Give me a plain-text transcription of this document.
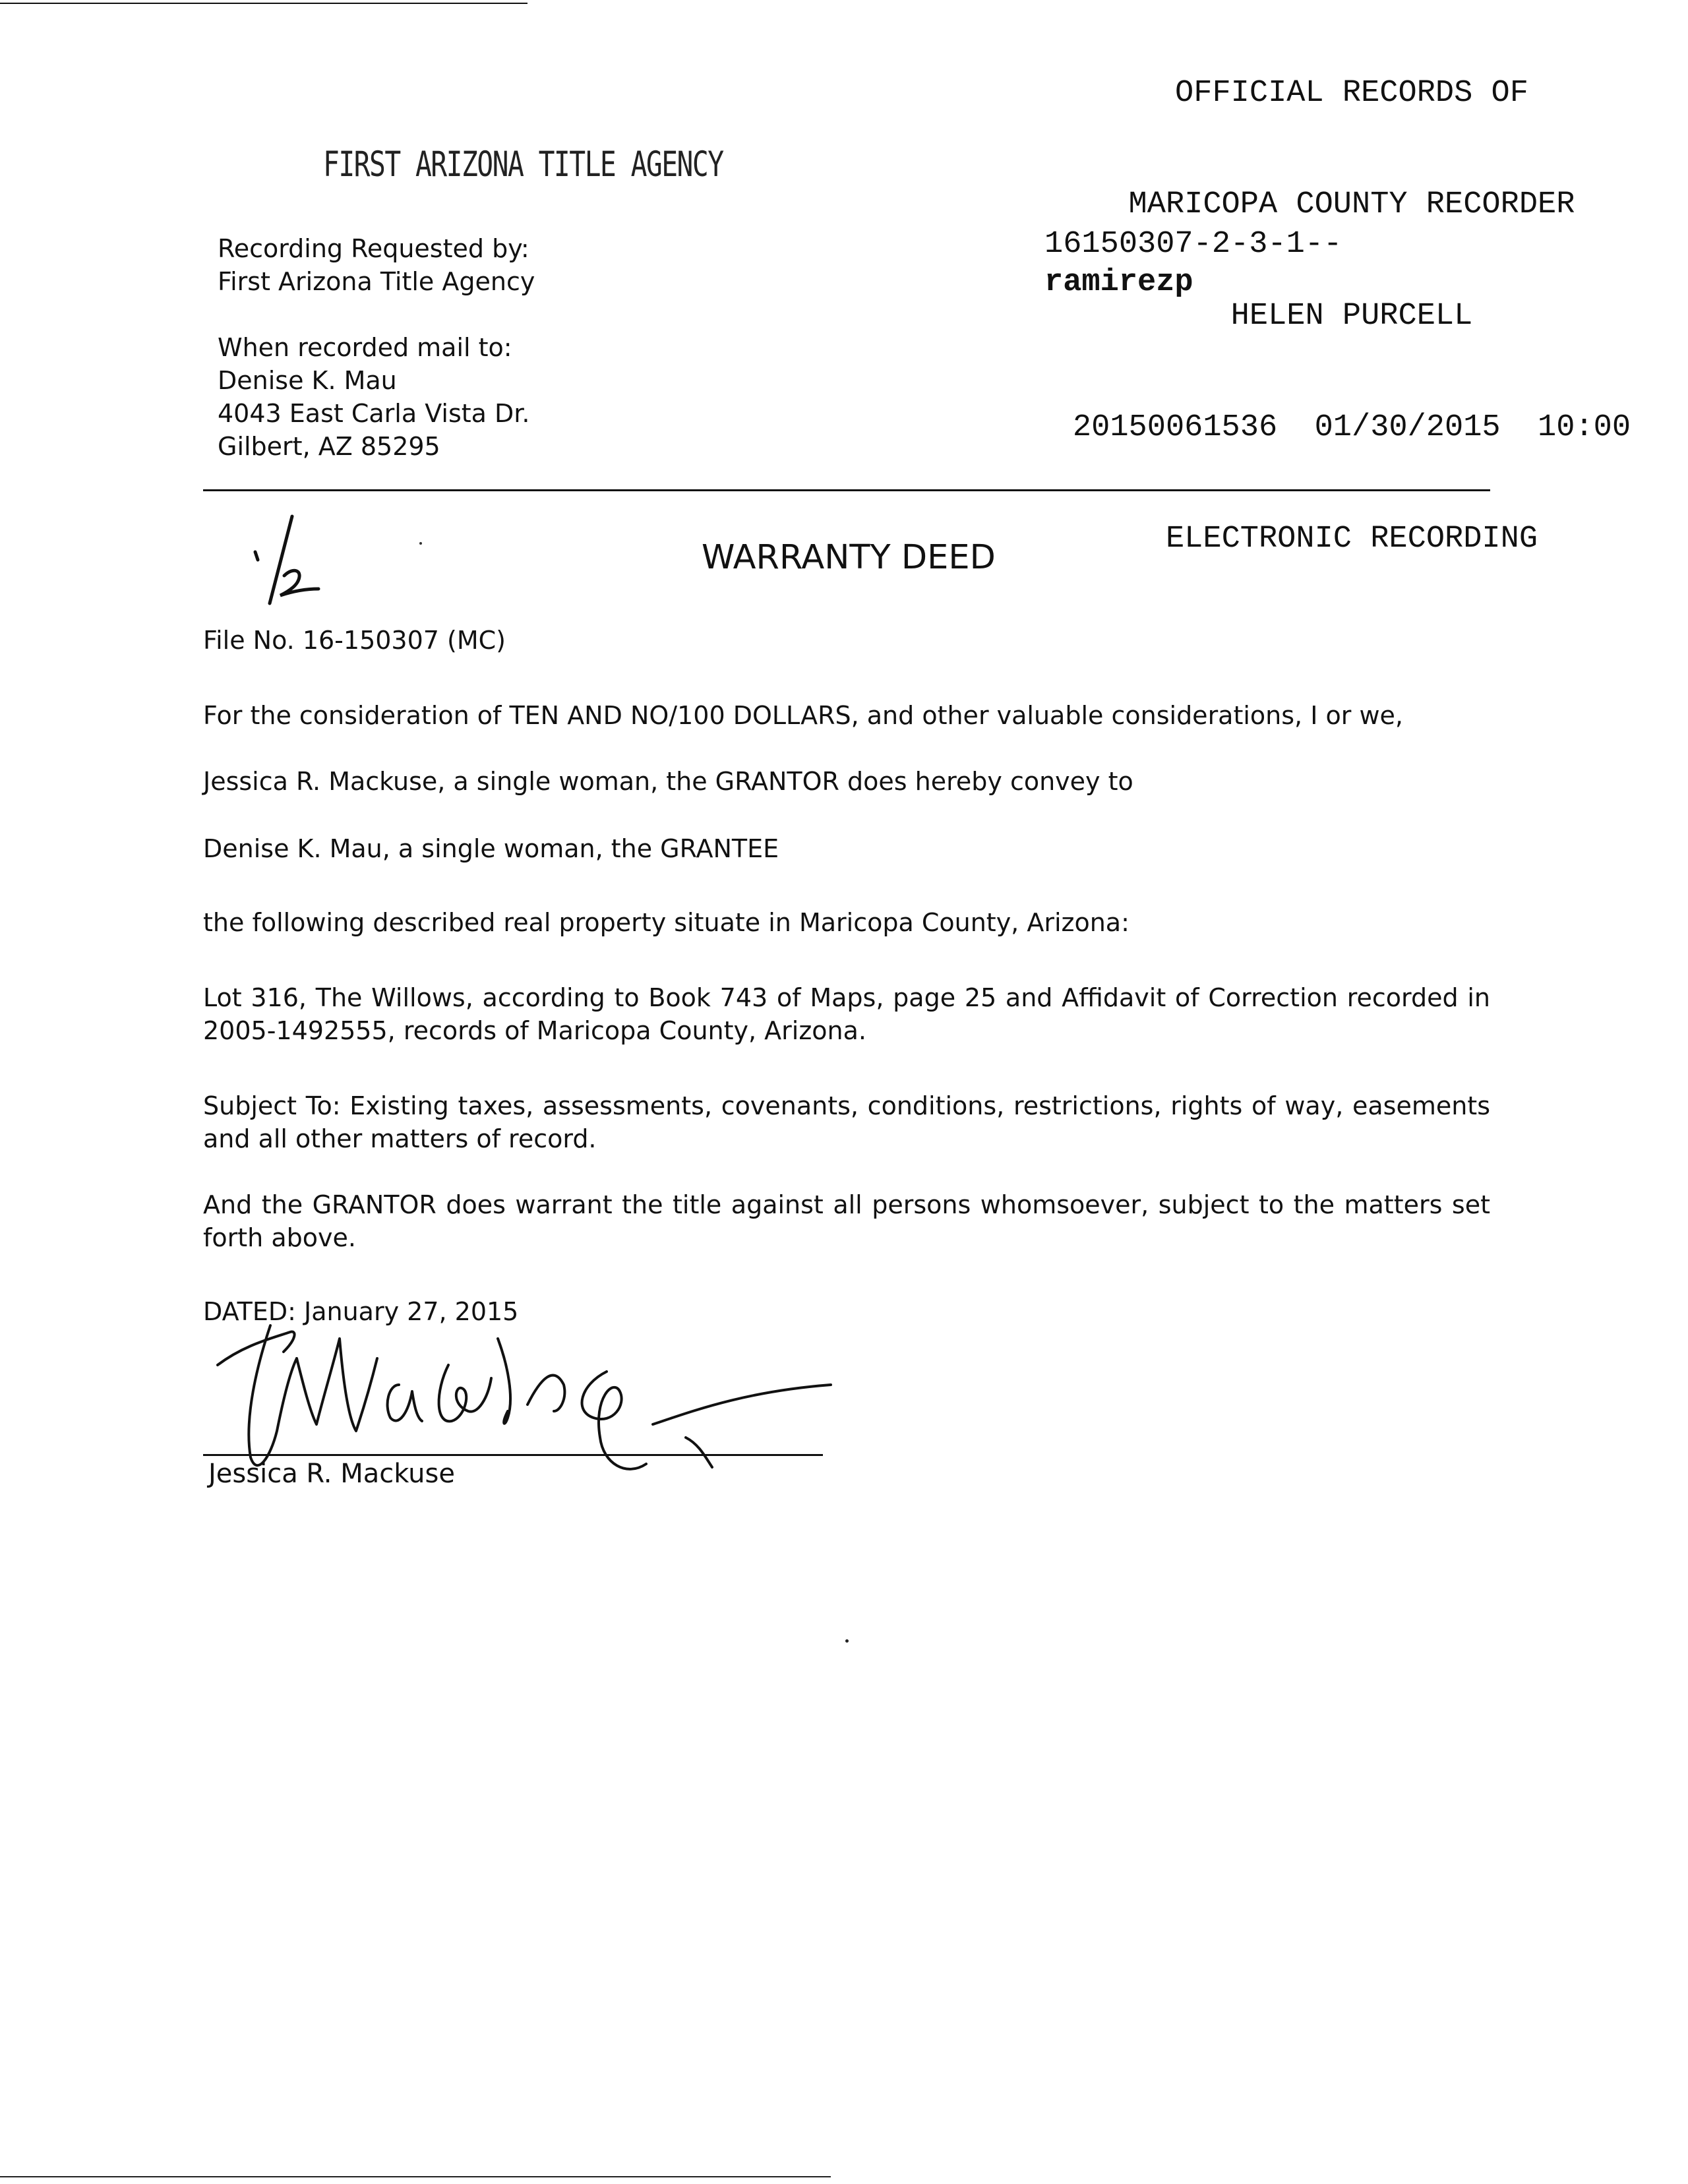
OFFICIAL RECORDS OF

MARICOPA COUNTY RECORDER

HELEN PURCELL

20150061536  01/30/2015  10:00

ELECTRONIC RECORDING

16150307-2-3-1--
ramirezp
FIRST ARIZONA TITLE AGENCY
Recording Requested by:
First Arizona Title Agency
When recorded mail to:
Denise K. Mau
4043 East Carla Vista Dr.
Gilbert, AZ 85295
WARRANTY DEED
File No. 16-150307 (MC)
For the consideration of TEN AND NO/100 DOLLARS, and other valuable considerations, I or we,
Jessica R. Mackuse, a single woman, the GRANTOR does hereby convey to
Denise K. Mau, a single woman, the GRANTEE
the following described real property situate in Maricopa County, Arizona:
Lot 316, The Willows, according to Book 743 of Maps, page 25 and Affidavit of Correction recorded in 2005-1492555, records of Maricopa County, Arizona.
Subject To: Existing taxes, assessments, covenants, conditions, restrictions, rights of way, easements and all other matters of record.
And the GRANTOR does warrant the title against all persons whomsoever, subject to the matters set forth above.
DATED: January 27, 2015
Jessica R. Mackuse
